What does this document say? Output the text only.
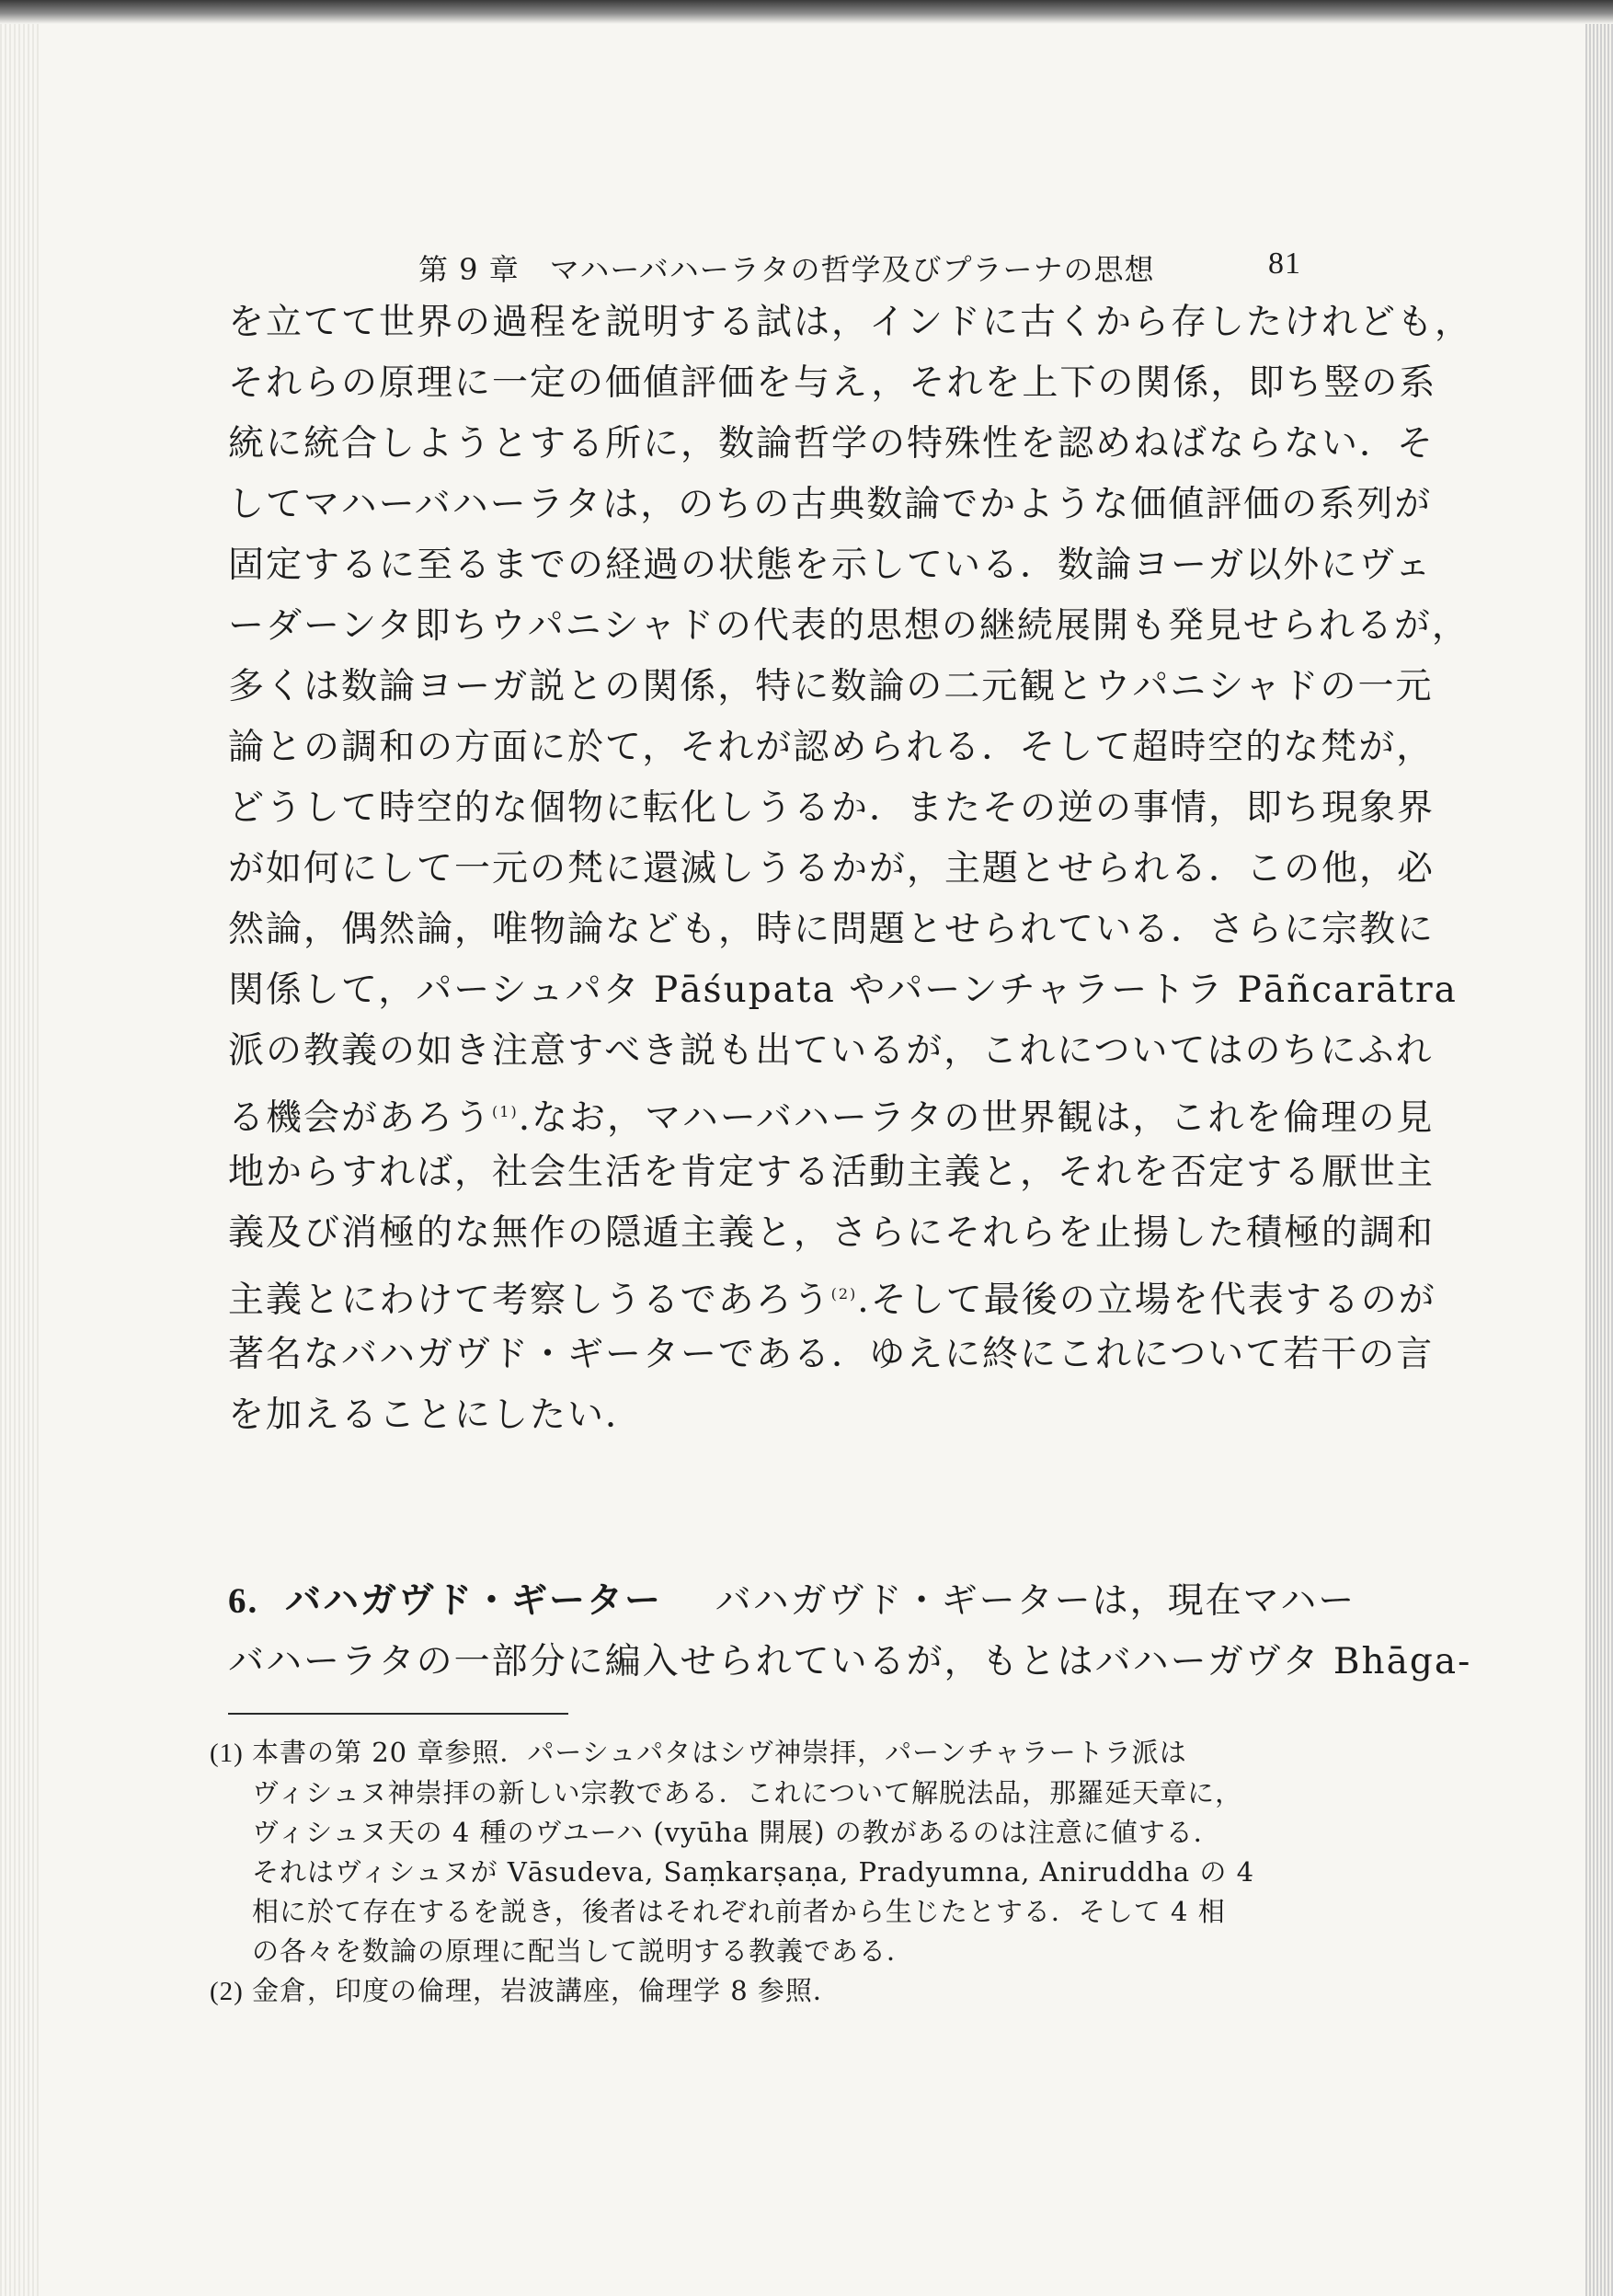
第 9 章　マハーバハーラタの哲学及びプラーナの思想	81
を立てて世界の過程を説明する試は，インドに古くから存したけれども，
それらの原理に一定の価値評価を与え，それを上下の関係，即ち竪の系
統に統合しようとする所に，数論哲学の特殊性を認めねばならない．そ
してマハーバハーラタは，のちの古典数論でかような価値評価の系列が
固定するに至るまでの経過の状態を示している．数論ヨーガ以外にヴェ
ーダーンタ即ちウパニシャドの代表的思想の継続展開も発見せられるが，
多くは数論ヨーガ説との関係，特に数論の二元観とウパニシャドの一元
論との調和の方面に於て，それが認められる．そして超時空的な梵が，
どうして時空的な個物に転化しうるか．またその逆の事情，即ち現象界
が如何にして一元の梵に還滅しうるかが，主題とせられる．この他，必
然論，偶然論，唯物論なども，時に問題とせられている．さらに宗教に
関係して，パーシュパタ Pāśupata やパーンチャラートラ Pāñcarātra
派の教義の如き注意すべき説も出ているが，これについてはのちにふれ
る機会があろう$^{(1)}$.なお，マハーバハーラタの世界観は，これを倫理の見
地からすれば，社会生活を肯定する活動主義と，それを否定する厭世主
義及び消極的な無作の隠遁主義と，さらにそれらを止揚した積極的調和
主義とにわけて考察しうるであろう$^{(2)}$.そして最後の立場を代表するのが
著名なバハガヴド・ギーターである．ゆえに終にこれについて若干の言
を加えることにしたい．
6. バハガヴド・ギーター バハガヴド・ギーターは，現在マハー
バハーラタの一部分に編入せられているが，もとはバハーガヴタ Bhāga-
(1) 本書の第 20 章参照．パーシュパタはシヴ神崇拝，パーンチャラートラ派は
ヴィシュヌ神崇拝の新しい宗教である．これについて解脱法品，那羅延天章に，
ヴィシュヌ天の 4 種のヴユーハ (vyūha 開展) の教があるのは注意に値する．
それはヴィシュヌが Vāsudeva, Saṃkarṣaṇa, Pradyumna, Aniruddha の 4
相に於て存在するを説き，後者はそれぞれ前者から生じたとする．そして 4 相
の各々を数論の原理に配当して説明する教義である．
(2) 金倉，印度の倫理，岩波講座，倫理学 8 参照．
